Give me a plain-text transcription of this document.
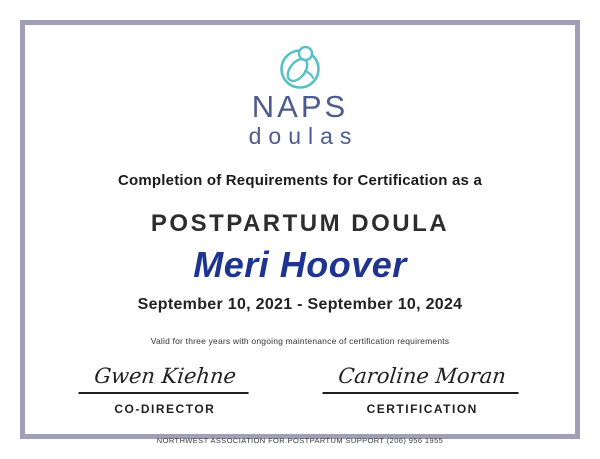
NAPS
doulas
Completion of Requirements for Certification as a
POSTPARTUM DOULA
Meri Hoover
September 10, 2021 - September 10, 2024
Valid for three years with ongoing maintenance of certification requirements
Gwen Kiehne
CO-DIRECTOR
Caroline Moran
CERTIFICATION
NORTHWEST ASSOCIATION FOR POSTPARTUM SUPPORT (206) 956 1955
